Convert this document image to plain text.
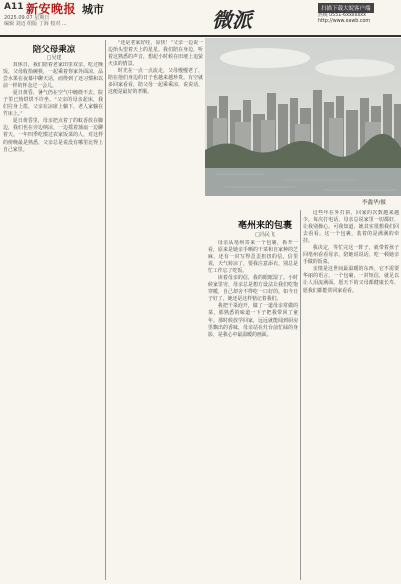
A11 新安晚报 城市
2025.09.07 星期日
编辑 刘迈 组版 丁海 校对 ...	微派	扫描下载大皖客户端
热线 0551-6xxxxxxx
http://www.xawb.com
陪父母乘凉
□吴建

双休日，我们陪着老家田里双亲。吃过晚饭，父母收拾碗筷，一起乘着你家外面凉，品尝水果在夜幕中聊天话，而得到了还习惯和以前一样的怀念过一会儿。

夏日黄昏，暑气仍在空气中缠绕不去，院子里已热烘烘不许坐。“父亲的母亲起床，我们往身上搭，父亲在凉席上躺下，老人家躺在竹床上。”

夏日黄昏里，母亲把点着了的蚊香放在脚边，我们也在旁边纳凉，一边摇着蒲扇一边聊着天。一年四季吃惯过农家饭菜的人，对这样的傍晚最是熟悉，父亲总是说没有哪里比得上自己家里。

“还是老家好哇，凉快！”父亲一边说一边抬头望着天上的星星。我们陪在身边，听着这熟悉的声音，想起小时候在田埂上追萤火虫的情景。

时光在一点一点流走，父母慢慢老了，陪在他们身边的日子也越来越珍贵。有空就多回家看看，陪父母一起乘乘凉，说说话，这便是最好的孝顺。

李鑫华/摄
亳州来的包裹
□冯民飞

母亲从亳州寄来一个包裹，拆开一看，原来是她亲手晒的干菜和自家种的芝麻，还有一封写得歪歪扭扭的信。信里说，天气转凉了，要我注意添衣，别总是忙工作忘了吃饭。

读着母亲的信，我的眼眶湿了。小时候家里穷，母亲总是想方设法让我们吃饱穿暖，自己却舍不得吃一口好的。如今日子好了，她还是这样惦记着我们。

我把干菜泡开，做了一道母亲常做的菜，那熟悉的味道一下子把我带回了童年。那时候放学回家，远远就能闻到厨房里飘出的香味，母亲站在灶台前忙碌的身影，是我心中最温暖的画面。

这些年在外打拼，回家的次数越来越少。每次打电话，母亲总说家里一切都好，让我别操心。可我知道，她其实很想我们回去看看。这一个包裹，装着的是满满的牵挂。

我决定，等忙完这一阵子，就带着孩子回亳州看看母亲，陪她说说话，吃一顿她亲手做的饭菜。

亲情是这世间最温暖的东西，它不需要华丽的语言，一个包裹、一封短信，就足以让人泪流满面。愿天下的父母都健康长寿，愿我们都能常回家看看。
